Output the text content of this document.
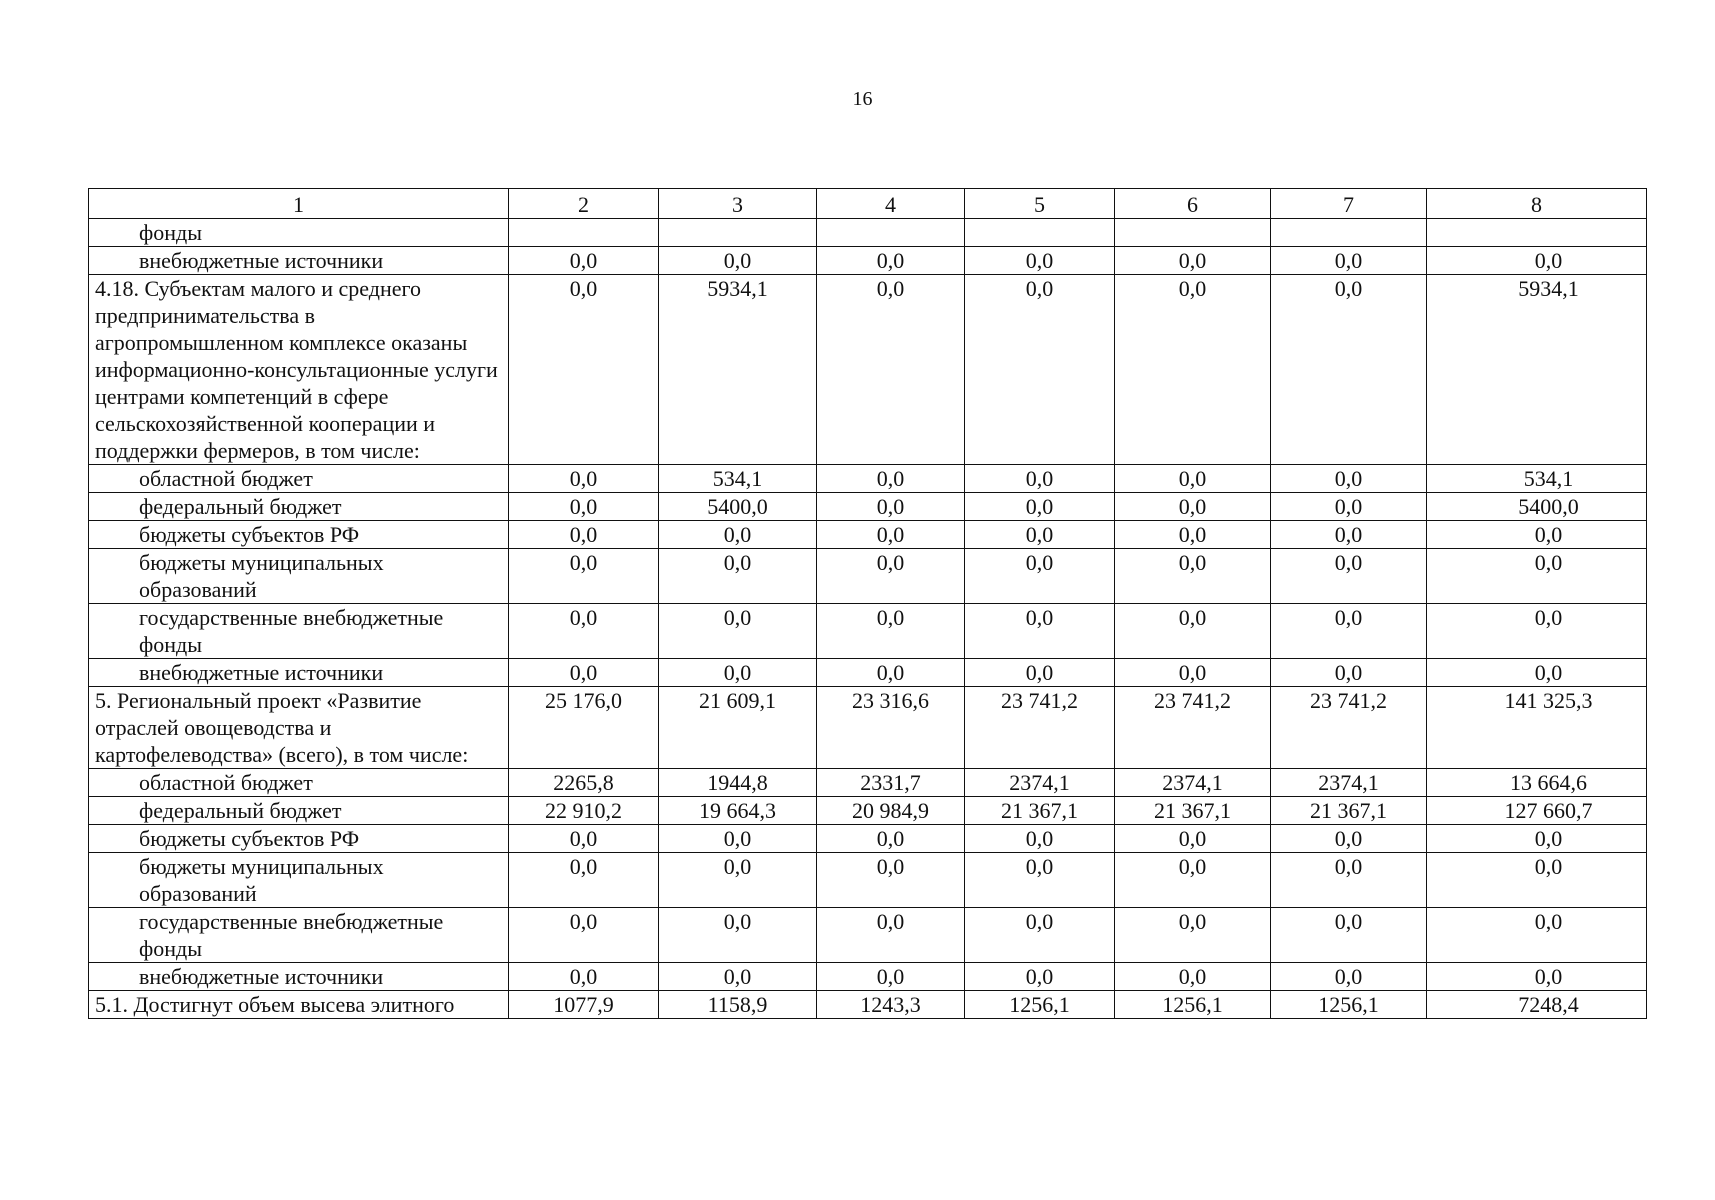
16
1	2	3	4	5	6	7	8
фонды							
внебюджетные источники	0,0	0,0	0,0	0,0	0,0	0,0	0,0
4.18. Субъектам малого и среднего предпринимательства в агропромышленном комплексе оказаны информационно-консультационные услуги центрами компетенций в сфере сельскохозяйственной кооперации и поддержки фермеров, в том числе:	0,0	5934,1	0,0	0,0	0,0	0,0	5934,1
областной бюджет	0,0	534,1	0,0	0,0	0,0	0,0	534,1
федеральный бюджет	0,0	5400,0	0,0	0,0	0,0	0,0	5400,0
бюджеты субъектов РФ	0,0	0,0	0,0	0,0	0,0	0,0	0,0
бюджеты муниципальных образований	0,0	0,0	0,0	0,0	0,0	0,0	0,0
государственные внебюджетные фонды	0,0	0,0	0,0	0,0	0,0	0,0	0,0
внебюджетные источники	0,0	0,0	0,0	0,0	0,0	0,0	0,0
5. Региональный проект «Развитие отраслей овощеводства и картофелеводства» (всего), в том числе:	25 176,0	21 609,1	23 316,6	23 741,2	23 741,2	23 741,2	141 325,3
областной бюджет	2265,8	1944,8	2331,7	2374,1	2374,1	2374,1	13 664,6
федеральный бюджет	22 910,2	19 664,3	20 984,9	21 367,1	21 367,1	21 367,1	127 660,7
бюджеты субъектов РФ	0,0	0,0	0,0	0,0	0,0	0,0	0,0
бюджеты муниципальных образований	0,0	0,0	0,0	0,0	0,0	0,0	0,0
государственные внебюджетные фонды	0,0	0,0	0,0	0,0	0,0	0,0	0,0
внебюджетные источники	0,0	0,0	0,0	0,0	0,0	0,0	0,0
5.1. Достигнут объем высева элитного	1077,9	1158,9	1243,3	1256,1	1256,1	1256,1	7248,4
